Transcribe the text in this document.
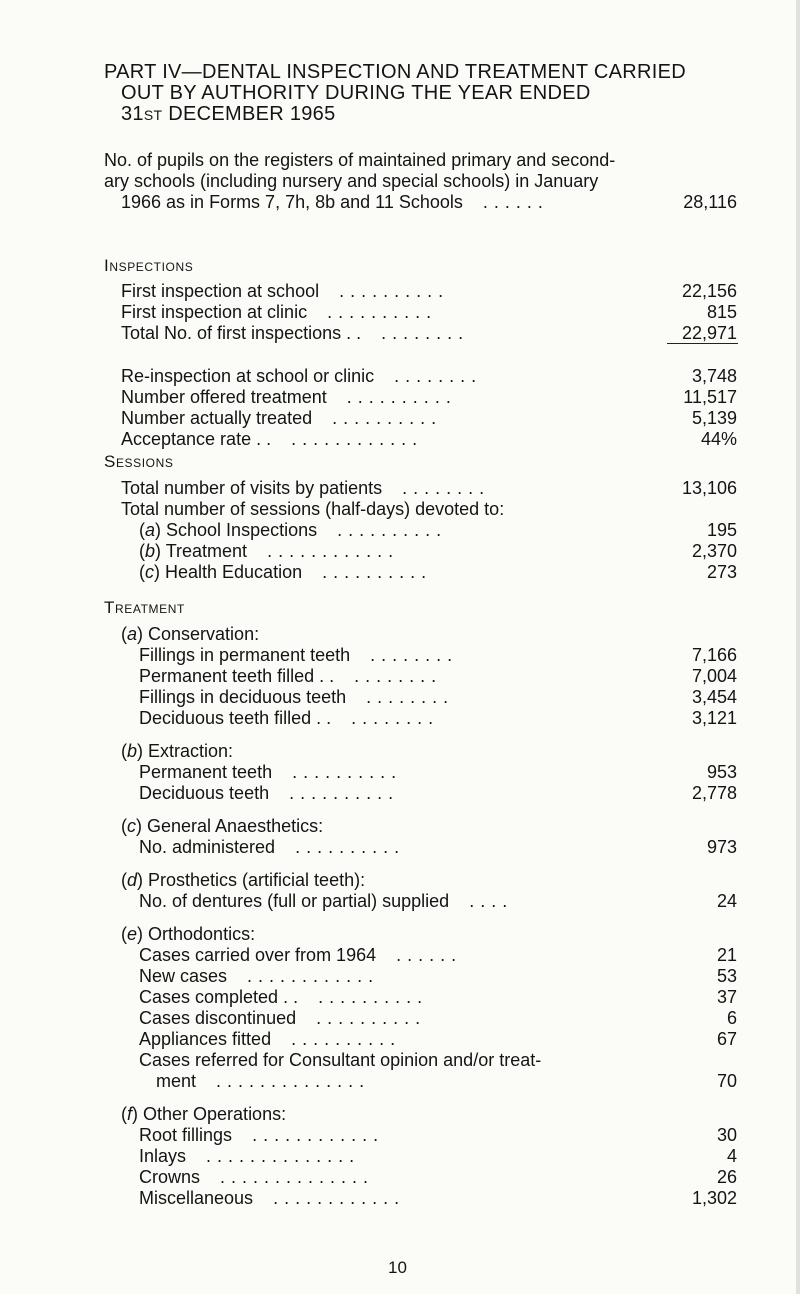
PART IV—DENTAL INSPECTION AND TREATMENT CARRIED
OUT BY AUTHORITY DURING THE YEAR ENDED
31st DECEMBER 1965
No. of pupils on the registers of maintained primary and second-
ary schools (including nursery and special schools) in January
1966 as in Forms 7, 7h, 8b and 11 Schools . . . . . .	28,116
Inspections
First inspection at school . . . . . . . . . .	22,156
First inspection at clinic . . . . . . . . . .	815
Total No. of first inspections . . . . . . . . . .	22,971
Re-inspection at school or clinic . . . . . . . .	3,748
Number offered treatment . . . . . . . . . .	11,517
Number actually treated . . . . . . . . . .	5,139
Acceptance rate . . . . . . . . . . . . . .	44%
Sessions
Total number of visits by patients . . . . . . . .	13,106
Total number of sessions (half-days) devoted to:
(a) School Inspections . . . . . . . . . .	195
(b) Treatment . . . . . . . . . . . .	2,370
(c) Health Education . . . . . . . . . .	273
Treatment
(a) Conservation:
Fillings in permanent teeth . . . . . . . .	7,166
Permanent teeth filled . . . . . . . . . .	7,004
Fillings in deciduous teeth . . . . . . . .	3,454
Deciduous teeth filled . . . . . . . . . .	3,121
(b) Extraction:
Permanent teeth . . . . . . . . . .	953
Deciduous teeth . . . . . . . . . .	2,778
(c) General Anaesthetics:
No. administered . . . . . . . . . .	973
(d) Prosthetics (artificial teeth):
No. of dentures (full or partial) supplied . . . .	24
(e) Orthodontics:
Cases carried over from 1964 . . . . . .	21
New cases . . . . . . . . . . . .	53
Cases completed . . . . . . . . . . . .	37
Cases discontinued . . . . . . . . . .	6
Appliances fitted . . . . . . . . . .	67
Cases referred for Consultant opinion and/or treat-
ment . . . . . . . . . . . . . .	70
(f) Other Operations:
Root fillings . . . . . . . . . . . .	30
Inlays . . . . . . . . . . . . . .	4
Crowns . . . . . . . . . . . . . .	26
Miscellaneous . . . . . . . . . . . .	1,302
10
